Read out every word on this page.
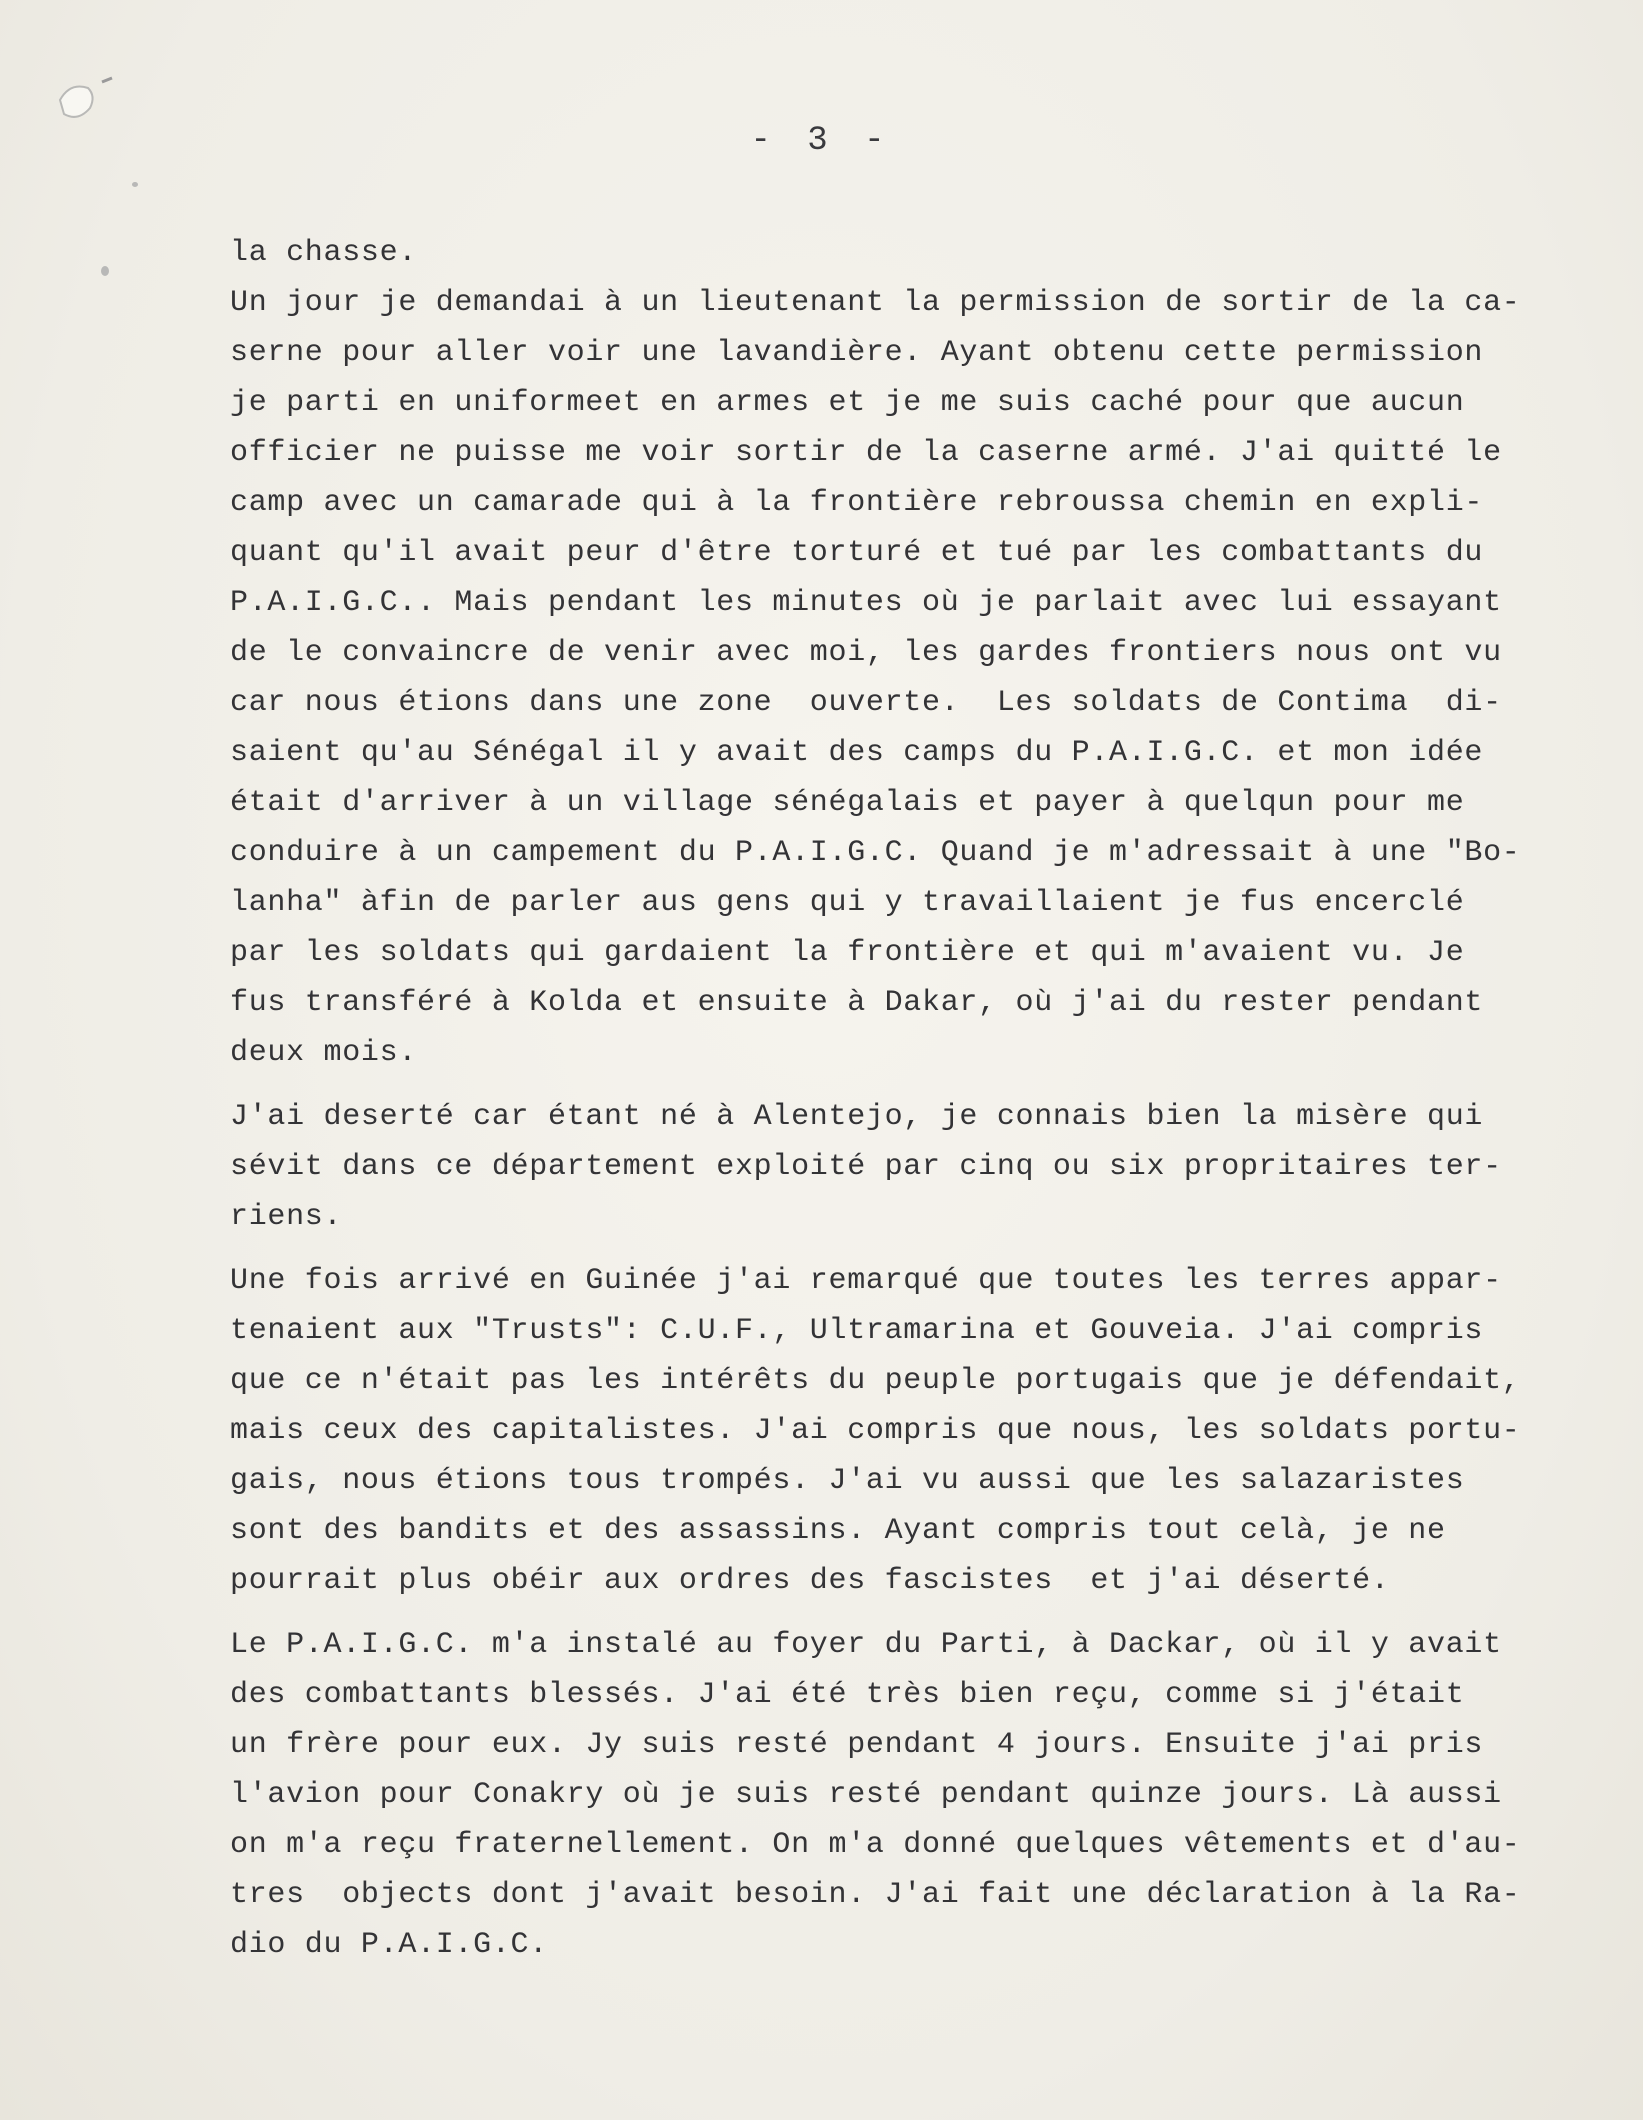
- 3 -
la chasse.
Un jour je demandai à un lieutenant la permission de sortir de la ca-
serne pour aller voir une lavandière. Ayant obtenu cette permission
je parti en uniformeet en armes et je me suis caché pour que aucun
officier ne puisse me voir sortir de la caserne armé. J'ai quitté le
camp avec un camarade qui à la frontière rebroussa chemin en expli-
quant qu'il avait peur d'être torturé et tué par les combattants du
P.A.I.G.C.. Mais pendant les minutes où je parlait avec lui essayant
de le convaincre de venir avec moi, les gardes frontiers nous ont vu
car nous étions dans une zone  ouverte.  Les soldats de Contima  di-
saient qu'au Sénégal il y avait des camps du P.A.I.G.C. et mon idée
était d'arriver à un village sénégalais et payer à quelqun pour me
conduire à un campement du P.A.I.G.C. Quand je m'adressait à une "Bo-
lanha" àfin de parler aus gens qui y travaillaient je fus encerclé
par les soldats qui gardaient la frontière et qui m'avaient vu. Je
fus transféré à Kolda et ensuite à Dakar, où j'ai du rester pendant
deux mois.
J'ai deserté car étant né à Alentejo, je connais bien la misère qui
sévit dans ce département exploité par cinq ou six propritaires ter-
riens.
Une fois arrivé en Guinée j'ai remarqué que toutes les terres appar-
tenaient aux "Trusts": C.U.F., Ultramarina et Gouveia. J'ai compris
que ce n'était pas les intérêts du peuple portugais que je défendait,
mais ceux des capitalistes. J'ai compris que nous, les soldats portu-
gais, nous étions tous trompés. J'ai vu aussi que les salazaristes
sont des bandits et des assassins. Ayant compris tout celà, je ne
pourrait plus obéir aux ordres des fascistes  et j'ai déserté.
Le P.A.I.G.C. m'a instalé au foyer du Parti, à Dackar, où il y avait
des combattants blessés. J'ai été très bien reçu, comme si j'était
un frère pour eux. Jy suis resté pendant 4 jours. Ensuite j'ai pris
l'avion pour Conakry où je suis resté pendant quinze jours. Là aussi
on m'a reçu fraternellement. On m'a donné quelques vêtements et d'au-
tres  objects dont j'avait besoin. J'ai fait une déclaration à la Ra-
dio du P.A.I.G.C.
